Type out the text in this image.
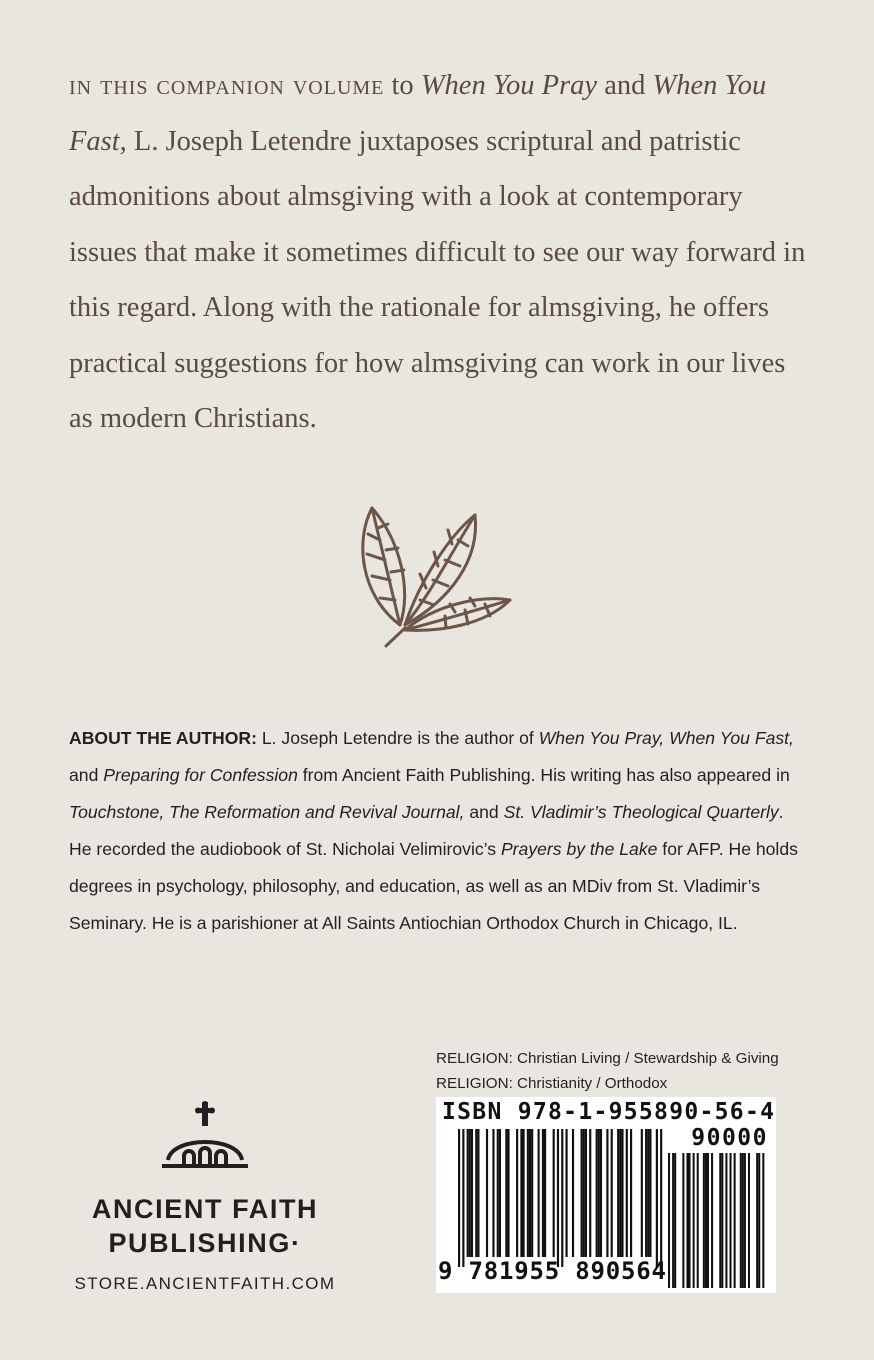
in this companion volume to When You Pray and When You Fast, L. Joseph Letendre juxtaposes scriptural and patristic admonitions about almsgiving with a look at contemporary issues that make it sometimes difficult to see our way forward in this regard. Along with the rationale for almsgiving, he offers practical suggestions for how almsgiving can work in our lives as modern Christians.

ABOUT THE AUTHOR: L. Joseph Letendre is the author of When You Pray, When You Fast, and Preparing for Confession from Ancient Faith Publishing. His writing has also appeared in Touchstone, The Reformation and Revival Journal, and St. Vladimir’s Theological Quarterly. He recorded the audiobook of St. Nicholai Velimirovic’s Prayers by the Lake for AFP. He holds degrees in psychology, philosophy, and education, as well as an MDiv from St. Vladimir’s Seminary. He is a parishioner at All Saints Antiochian Orthodox Church in Chicago, IL.

RELIGION: Christian Living / Stewardship & Giving
RELIGION: Christianity / Orthodox
ISBN 978-1-955890-56-4
90000
9 781955 890564
ANCIENT FAITH
PUBLISHING·
STORE.ANCIENTFAITH.COM
